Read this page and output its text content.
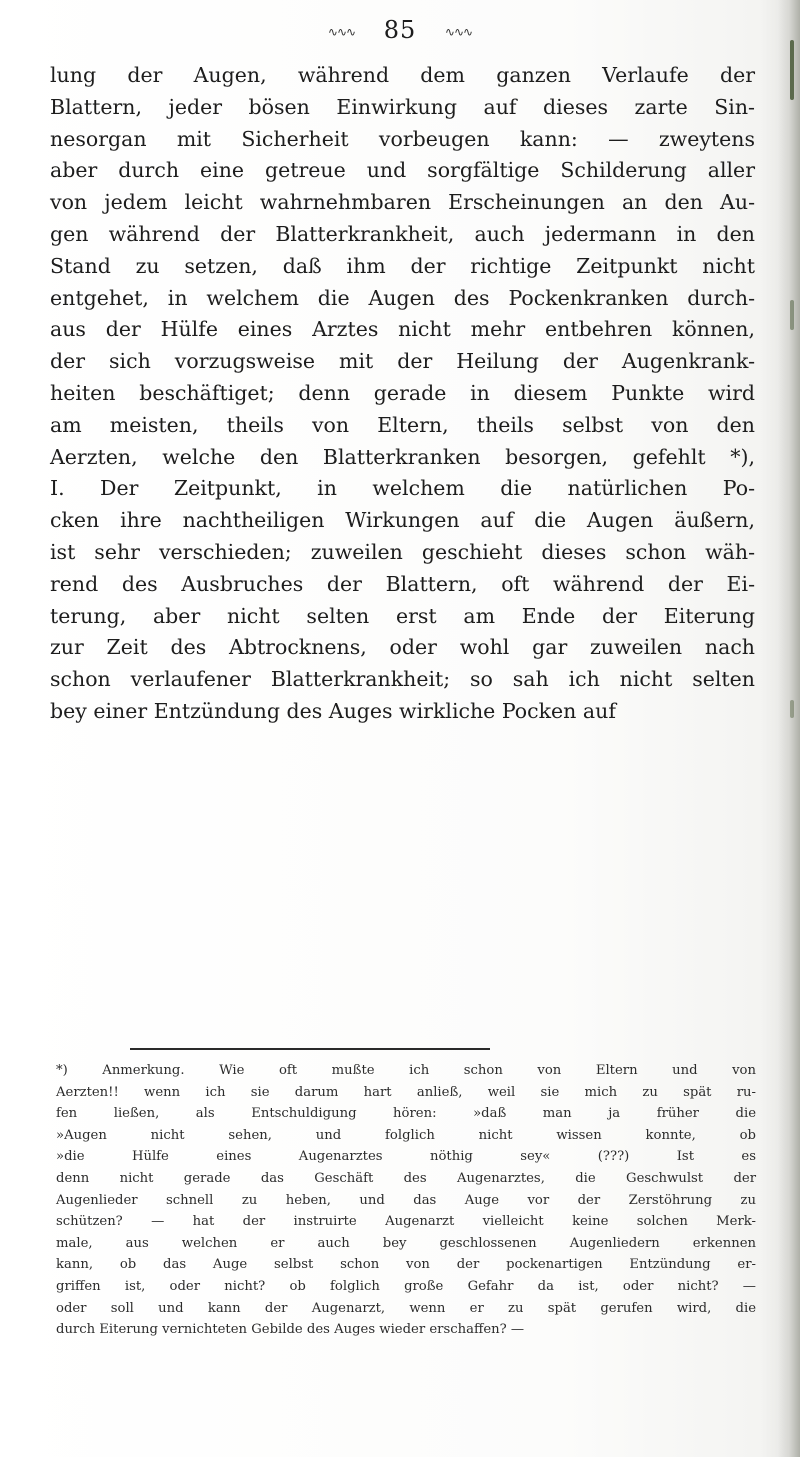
∿∿∿ 85 ∿∿∿
lung der Augen, während dem ganzen Verlaufe der
Blattern, jeder bösen Einwirkung auf dieses zarte Sin-
nesorgan mit Sicherheit vorbeugen kann: — zweytens
aber durch eine getreue und sorgfältige Schilderung aller
von jedem leicht wahrnehmbaren Erscheinungen an den Au-
gen während der Blatterkrankheit, auch jedermann in den
Stand zu setzen, daß ihm der richtige Zeitpunkt nicht
entgehet, in welchem die Augen des Pockenkranken durch-
aus der Hülfe eines Arztes nicht mehr entbehren können,
der sich vorzugsweise mit der Heilung der Augenkrank-
heiten beschäftiget; denn gerade in diesem Punkte wird
am meisten, theils von Eltern, theils selbst von den
Aerzten, welche den Blatterkranken besorgen, gefehlt *),
I. Der Zeitpunkt, in welchem die natürlichen Po-
cken ihre nachtheiligen Wirkungen auf die Augen äußern,
ist sehr verschieden; zuweilen geschieht dieses schon wäh-
rend des Ausbruches der Blattern, oft während der Ei-
terung, aber nicht selten erst am Ende der Eiterung
zur Zeit des Abtrocknens, oder wohl gar zuweilen nach
schon verlaufener Blatterkrankheit; so sah ich nicht selten
bey einer Entzündung des Auges wirkliche Pocken auf
*) Anmerkung. Wie oft mußte ich schon von Eltern und von
Aerzten!! wenn ich sie darum hart anließ, weil sie mich zu spät ru-
fen ließen, als Entschuldigung hören: »daß man ja früher die
»Augen nicht sehen, und folglich nicht wissen konnte, ob
»die Hülfe eines Augenarztes nöthig sey« (???) Ist es
denn nicht gerade das Geschäft des Augenarztes, die Geschwulst der
Augenlieder schnell zu heben, und das Auge vor der Zerstöhrung zu
schützen? — hat der instruirte Augenarzt vielleicht keine solchen Merk-
male, aus welchen er auch bey geschlossenen Augenliedern erkennen
kann, ob das Auge selbst schon von der pockenartigen Entzündung er-
griffen ist, oder nicht? ob folglich große Gefahr da ist, oder nicht? —
oder soll und kann der Augenarzt, wenn er zu spät gerufen wird, die
durch Eiterung vernichteten Gebilde des Auges wieder erschaffen? —
